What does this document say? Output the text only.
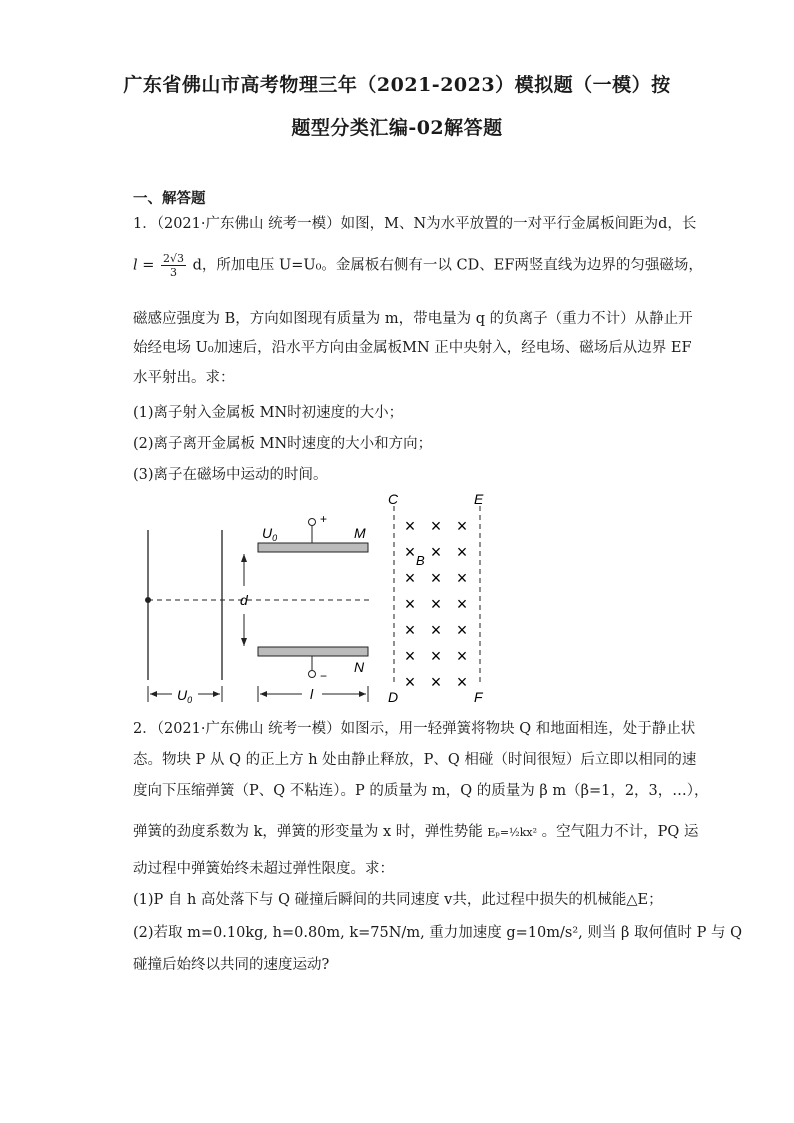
广东省佛山市高考物理三年（2021-2023）模拟题（一模）按
题型分类汇编-02解答题
一、解答题
1．（2021·广东佛山 统考一模）如图，M、N为水平放置的一对平行金属板间距为d，长
$l = \frac{2√3}{3}$ d，所加电压 U=U₀。金属板右侧有一以 CD、EF两竖直线为边界的匀强磁场，
磁感应强度为 B，方向如图现有质量为 m，带电量为 q 的负离子（重力不计）从静止开
始经电场 U₀加速后，沿水平方向由金属板MN 正中央射入，经电场、磁场后从边界 EF
水平射出。求：
(1)离子射入金属板 MN时初速度的大小；
(2)离子离开金属板 MN时速度的大小和方向；
(3)离子在磁场中运动的时间。
$U_0$
+
−
M
N
d
l
$U_0$
C
D
E
F
B
× × ×
× × ×
× × ×
× × ×
× × ×
× × ×
× × ×
2．（2021·广东佛山 统考一模）如图示，用一轻弹簧将物块 Q 和地面相连，处于静止状
态。物块 P 从 Q 的正上方 h 处由静止释放，P、Q 相碰（时间很短）后立即以相同的速
度向下压缩弹簧（P、Q 不粘连）。P 的质量为 m，Q 的质量为 β m（β=1，2，3，…），
弹簧的劲度系数为 k，弹簧的形变量为 x 时，弹性势能 Eₚ=½kx² 。空气阻力不计，PQ 运
动过程中弹簧始终未超过弹性限度。求：
(1)P 自 h 高处落下与 Q 碰撞后瞬间的共同速度 v共，此过程中损失的机械能△E；
(2)若取 m=0.10kg, h=0.80m, k=75N/m, 重力加速度 g=10m/s², 则当 β 取何值时 P 与 Q
碰撞后始终以共同的速度运动?
